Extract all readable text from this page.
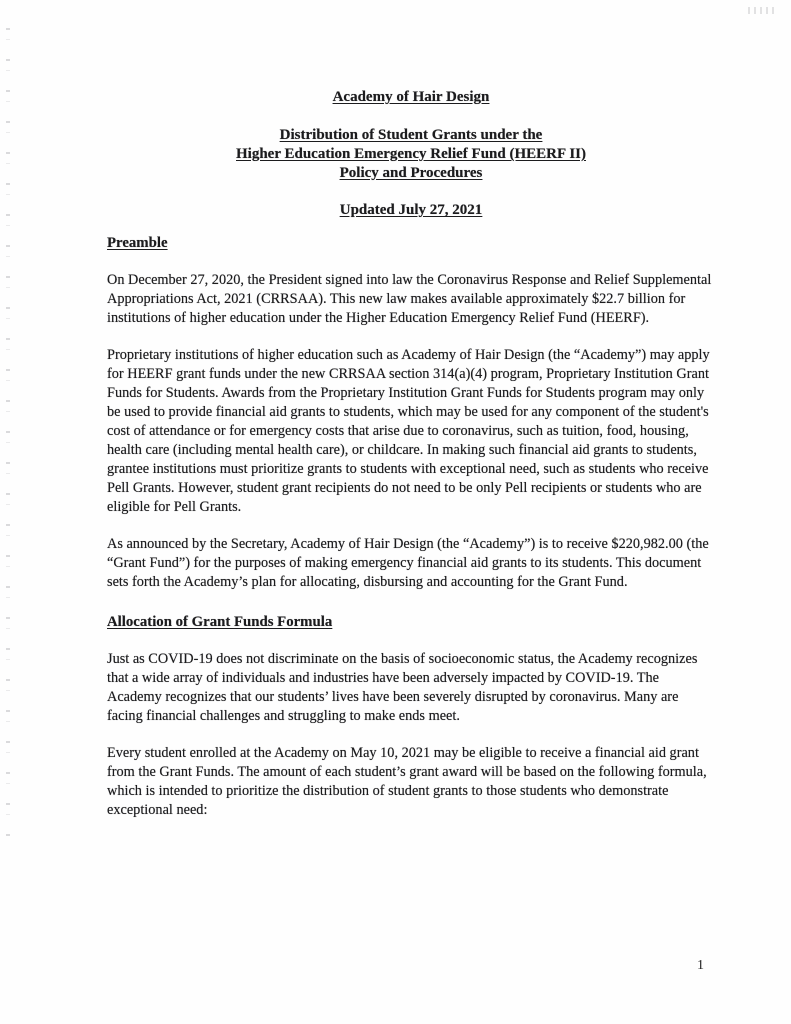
Academy of Hair Design
Distribution of Student Grants under the
Higher Education Emergency Relief Fund (HEERF II)
Policy and Procedures
Updated July 27, 2021
Preamble

On December 27, 2020, the President signed into law the Coronavirus Response and Relief Supplemental Appropriations Act, 2021 (CRRSAA). This new law makes available approximately $22.7 billion for institutions of higher education under the Higher Education Emergency Relief Fund (HEERF).

Proprietary institutions of higher education such as Academy of Hair Design (the “Academy”) may apply for HEERF grant funds under the new CRRSAA section 314(a)(4) program, Proprietary Institution Grant Funds for Students. Awards from the Proprietary Institution Grant Funds for Students program may only be used to provide financial aid grants to students, which may be used for any component of the student's cost of attendance or for emergency costs that arise due to coronavirus, such as tuition, food, housing, health care (including mental health care), or childcare. In making such financial aid grants to students, grantee institutions must prioritize grants to students with exceptional need, such as students who receive Pell Grants. However, student grant recipients do not need to be only Pell recipients or students who are eligible for Pell Grants.

As announced by the Secretary, Academy of Hair Design (the “Academy”) is to receive $220,982.00 (the “Grant Fund”) for the purposes of making emergency financial aid grants to its students. This document sets forth the Academy’s plan for allocating, disbursing and accounting for the Grant Fund.

Allocation of Grant Funds Formula

Just as COVID-19 does not discriminate on the basis of socioeconomic status, the Academy recognizes that a wide array of individuals and industries have been adversely impacted by COVID-19. The Academy recognizes that our students’ lives have been severely disrupted by coronavirus. Many are facing financial challenges and struggling to make ends meet.

Every student enrolled at the Academy on May 10, 2021 may be eligible to receive a financial aid grant from the Grant Funds. The amount of each student’s grant award will be based on the following formula, which is intended to prioritize the distribution of student grants to those students who demonstrate exceptional need:

1
